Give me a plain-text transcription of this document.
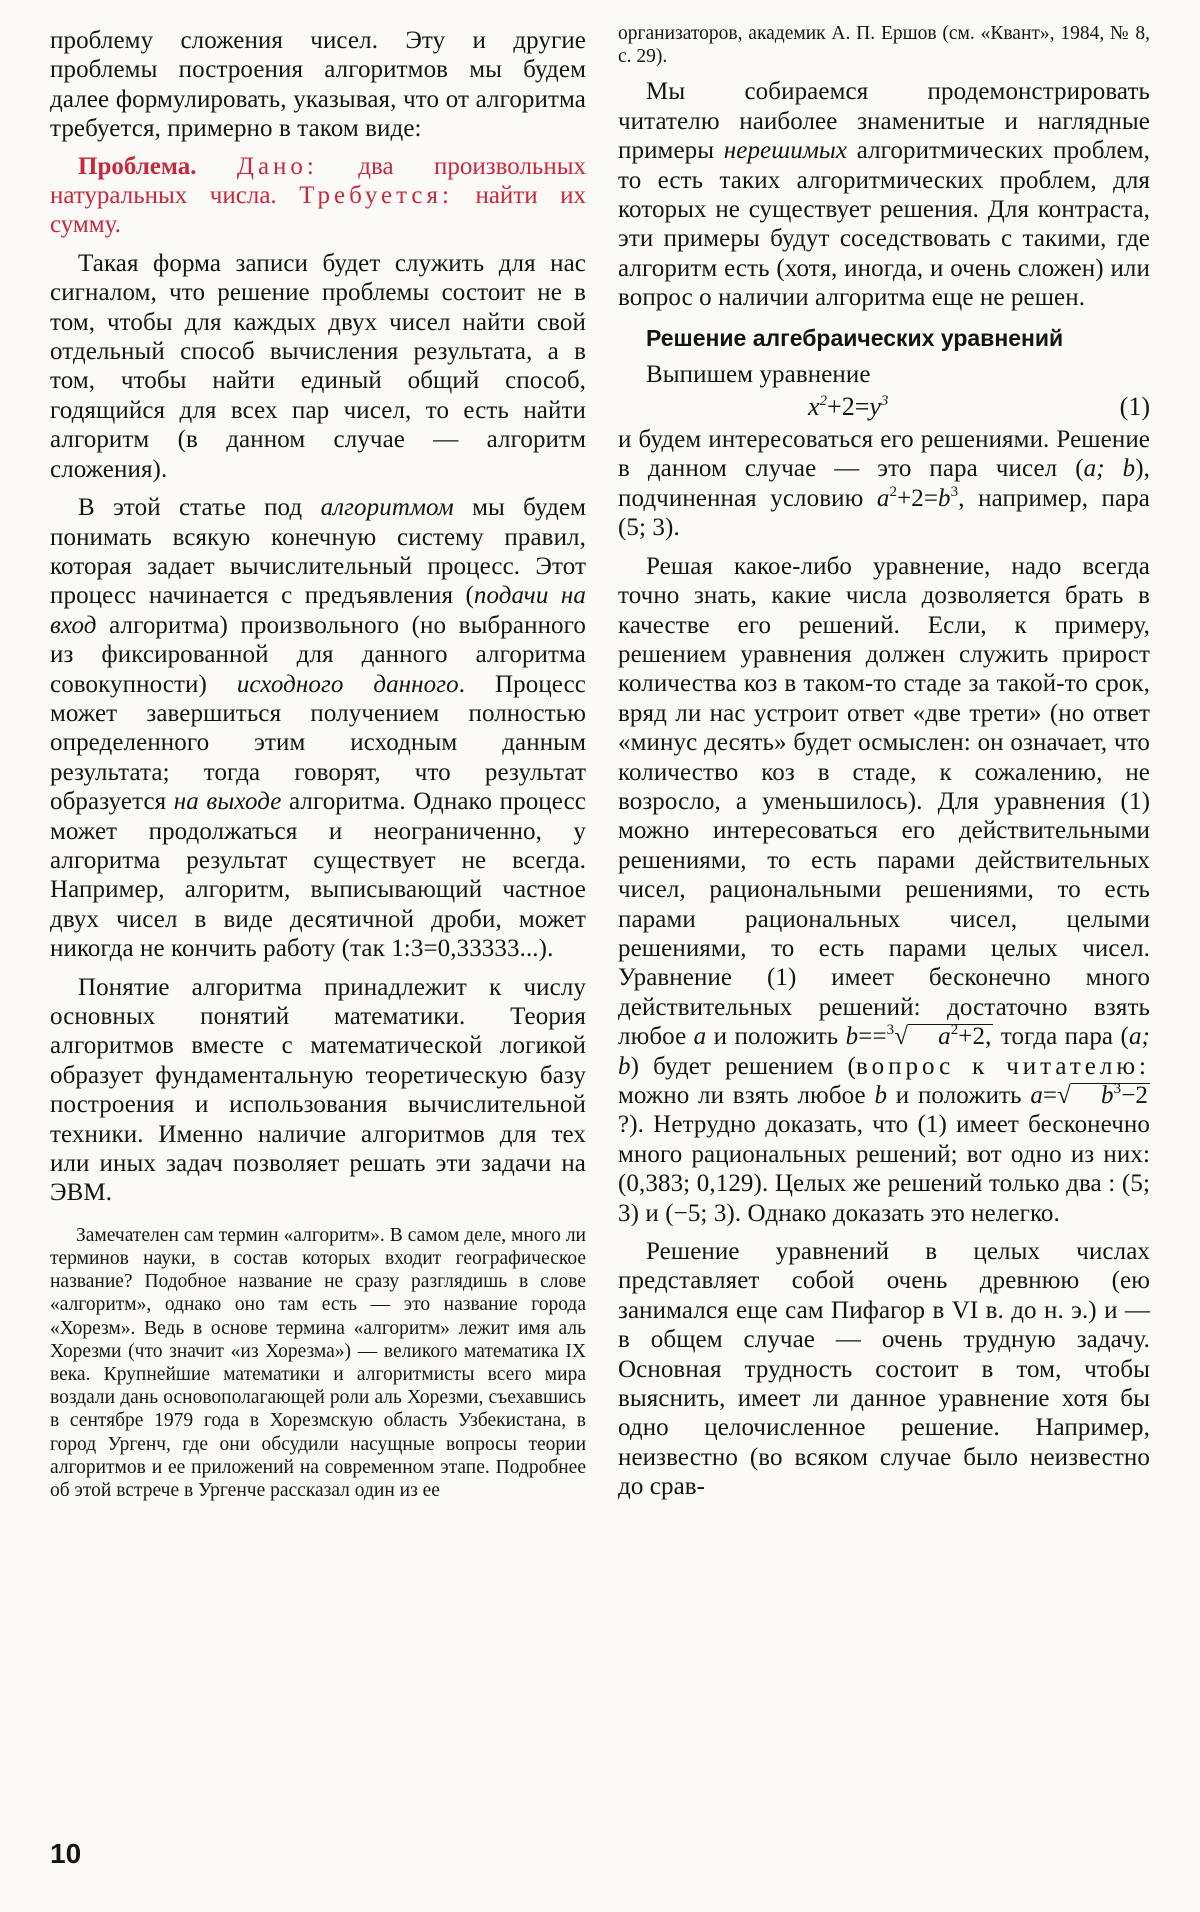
проблему сложения чисел. Эту и другие проблемы построения алгоритмов мы будем далее формулировать, указывая, что от алгоритма требуется, примерно в таком виде:

Проблема. Дано: два произвольных натуральных числа. Требуется: найти их сумму.

Такая форма записи будет служить для нас сигналом, что решение проблемы состоит не в том, чтобы для каждых двух чисел найти свой отдельный способ вычисления результата, а в том, чтобы найти единый общий способ, годящийся для всех пар чисел, то есть найти алгоритм (в данном случае — алгоритм сложения).

В этой статье под алгоритмом мы будем понимать всякую конечную систему правил, которая задает вычислительный процесс. Этот процесс начинается с предъявления (подачи на вход алгоритма) произвольного (но выбранного из фиксированной для данного алгоритма совокупности) исходного данного. Процесс может завершиться получением полностью определенного этим исходным данным результата; тогда говорят, что результат образуется на выходе алгоритма. Однако процесс может продолжаться и неограниченно, у алгоритма результат существует не всегда. Например, алгоритм, выписывающий частное двух чисел в виде десятичной дроби, может никогда не кончить работу (так 1:3=0,33333...).

Понятие алгоритма принадлежит к числу основных понятий математики. Теория алгоритмов вместе с математической логикой образует фундаментальную теоретическую базу построения и использования вычислительной техники. Именно наличие алгоритмов для тех или иных задач позволяет решать эти задачи на ЭВМ.

Замечателен сам термин «алгоритм». В самом деле, много ли терминов науки, в состав которых входит географическое название? Подобное название не сразу разглядишь в слове «алгоритм», однако оно там есть — это название города «Хорезм». Ведь в основе термина «алгоритм» лежит имя аль Хорезми (что значит «из Хорезма») — великого математика IX века. Крупнейшие математики и алгоритмисты всего мира воздали дань основополагающей роли аль Хорезми, съехавшись в сентябре 1979 года в Хорезмскую область Узбекистана, в город Ургенч, где они обсудили насущные вопросы теории алгоритмов и ее приложений на современном этапе. Подробнее об этой встрече в Ургенче рассказал один из ее

организаторов, академик А. П. Ершов (см. «Квант», 1984, № 8, с. 29).

Мы собираемся продемонстрировать читателю наиболее знаменитые и наглядные примеры нерешимых алгоритмических проблем, то есть таких алгоритмических проблем, для которых не существует решения. Для контраста, эти примеры будут соседствовать с такими, где алгоритм есть (хотя, иногда, и очень сложен) или вопрос о наличии алгоритма еще не решен.

Решение алгебраических уравнений

Выпишем уравнение

$x^2+2=y^3$	(1)

и будем интересоваться его решениями. Решение в данном случае — это пара чисел (a; b), подчиненная условию $a^2+2=b^3$, например, пара (5; 3).

Решая какое-либо уравнение, надо всегда точно знать, какие числа дозволяется брать в качестве его решений. Если, к примеру, решением уравнения должен служить прирост количества коз в таком-то стаде за такой-то срок, вряд ли нас устроит ответ «две трети» (но ответ «минус десять» будет осмыслен: он означает, что количество коз в стаде, к сожалению, не возросло, а уменьшилось). Для уравнения (1) можно интересоваться его действительными решениями, то есть парами действительных чисел, рациональными решениями, то есть парами рациональных чисел, целыми решениями, то есть парами целых чисел. Уравнение (1) имеет бесконечно много действительных решений: достаточно взять любое a и положить b==$^3$√ $a^2+2$, тогда пара (a; b) будет решением (вопрос к читателю: можно ли взять любое b и положить a=√ $b^3-2$?). Нетрудно доказать, что (1) имеет бесконечно много рациональных решений; вот одно из них: (0,383; 0,129). Целых же решений только два : (5; 3) и (−5; 3). Однако доказать это нелегко.

Решение уравнений в целых числах представляет собой очень древнюю (ею занимался еще сам Пифагор в VI в. до н. э.) и — в общем случае — очень трудную задачу. Основная трудность состоит в том, чтобы выяснить, имеет ли данное уравнение хотя бы одно целочисленное решение. Например, неизвестно (во всяком случае было неизвестно до срав-

10
